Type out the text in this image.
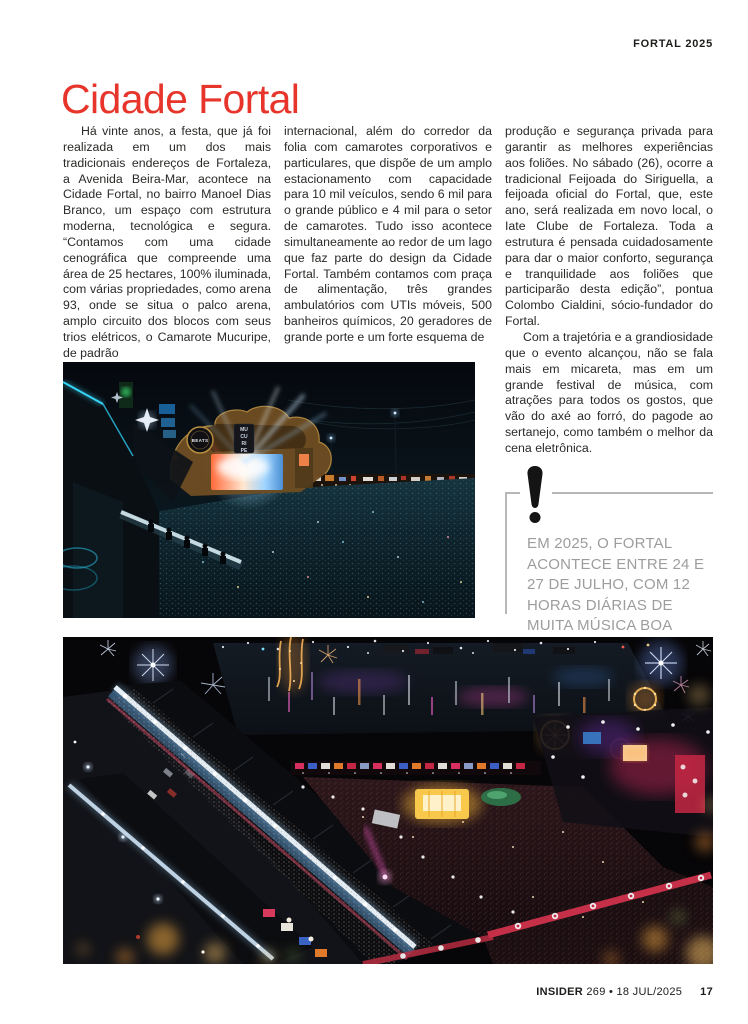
FORTAL 2025
Cidade Fortal

Há vinte anos, a festa, que já foi realizada em um dos mais tradicionais endereços de Fortaleza, a Avenida Beira-Mar, acontece na Cidade Fortal, no bairro Manoel Dias Branco, um espaço com estrutura moderna, tecnológica e segura. “Contamos com uma cidade cenográfica que compreende uma área de 25 hectares, 100% iluminada, com várias propriedades, como arena 93, onde se situa o palco arena, amplo circuito dos blocos com seus trios elétricos, o Camarote Mucuripe, de padrão

internacional, além do corredor da folia com camarotes corporativos e particulares, que dispõe de um amplo estacionamento com capacidade para 10 mil veículos, sendo 6 mil para o grande público e 4 mil para o setor de camarotes. Tudo isso acontece simultaneamente ao redor de um lago que faz parte do design da Cidade Fortal. Também contamos com praça de alimentação, três grandes ambulatórios com UTIs móveis, 500 banheiros químicos, 20 geradores de grande porte e um forte esquema de

produção e segurança privada para garantir as melhores experiências aos foliões. No sábado (26), ocorre a tradicional Feijoada do Siriguella, a feijoada oficial do Fortal, que, este ano, será realizada em novo local, o Iate Clube de Fortaleza. Toda a estrutura é pensada cuidadosamente para dar o maior conforto, segurança e tranquilidade aos foliões que participarão desta edição”, pontua Colombo Cialdini, sócio-fundador do Fortal.

Com a trajetória e a grandiosidade que o evento alcançou, não se fala mais em micareta, mas em um grande festival de música, com atrações para todos os gostos, que vão do axé ao forró, do pagode ao sertanejo, como também o melhor da cena eletrônica.

BEATS
MU
CU
RI
PE
EM 2025, O FORTAL ACONTECE ENTRE 24 E 27 DE JULHO, COM 12 HORAS DIÁRIAS DE MUITA MÚSICA BOA
INSIDER 269 • 18 JUL/2025 17
